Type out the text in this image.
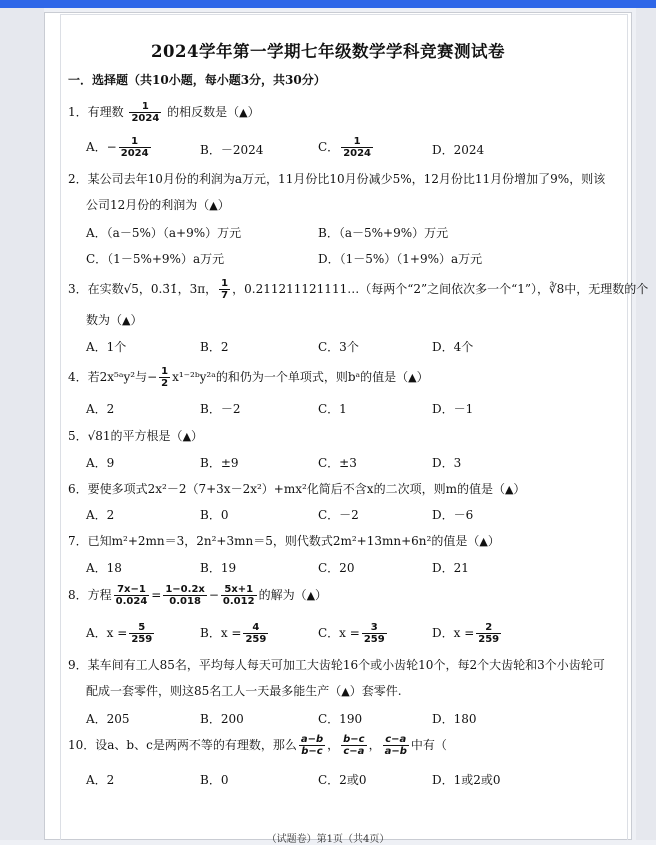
2024学年第一学期七年级数学学科竞赛测试卷
一．选择题（共10小题，每小题3分，共30分）
1．有理数 $\frac{1}{2024}$ 的相反数是（▲）
A．− $\frac{1}{2024}$	B．－2024	C． $\frac{1}{2024}$	D．2024
2．某公司去年10月份的利润为a万元，11月份比10月份减少5%，12月份比11月份增加了9%，则该
公司12月份的利润为（▲）
A．（a－5%）（a+9%）万元	B．（a－5%+9%）万元
C．（1－5%+9%）a万元	D．（1－5%）（1+9%）a万元
3．在实数√5，0.3̇1̇，3π， $\frac{1}{7}$ ，0.211211121111…（每两个“2”之间依次多一个“1”），∛8中，无理数的个
数为（▲）
A．1个	B．2	C．3个	D．4个
4．若2x⁵ᵃy²与− $\frac{1}{2}$ x¹⁻²ᵇy²ᵃ的和仍为一个单项式，则bᵃ的值是（▲）
A．2	B．－2	C．1	D．－1
5．√81的平方根是（▲）
A．9	B．±9	C．±3	D．3
6．要使多项式2x²－2（7+3x－2x²）+mx²化简后不含x的二次项，则m的值是（▲）
A．2	B．0	C．－2	D．－6
7．已知m²+2mn＝3，2n²+3mn＝5，则代数式2m²+13mn+6n²的值是（▲）
A．18	B．19	C．20	D．21
8．方程 $\frac{7x-1}{0.024} = \frac{1-0.2x}{0.018} - \frac{5x+1}{0.012}$ 的解为（▲）
A．$x = \frac{5}{259}$	B．$x = \frac{4}{259}$	C．$x = \frac{3}{259}$	D．$x = \frac{2}{259}$
9．某车间有工人85名，平均每人每天可加工大齿轮16个或小齿轮10个，每2个大齿轮和3个小齿轮可
配成一套零件，则这85名工人一天最多能生产（▲）套零件.
A．205	B．200	C．190	D．180
10．设a、b、c是两两不等的有理数，那么 $\frac{a-b}{b-c}$ ， $\frac{b-c}{c-a}$ ， $\frac{c-a}{a-b}$ 中有（
A．2	B．0	C．2或0	D．1或2或0
（试题卷）第1页（共4页）
